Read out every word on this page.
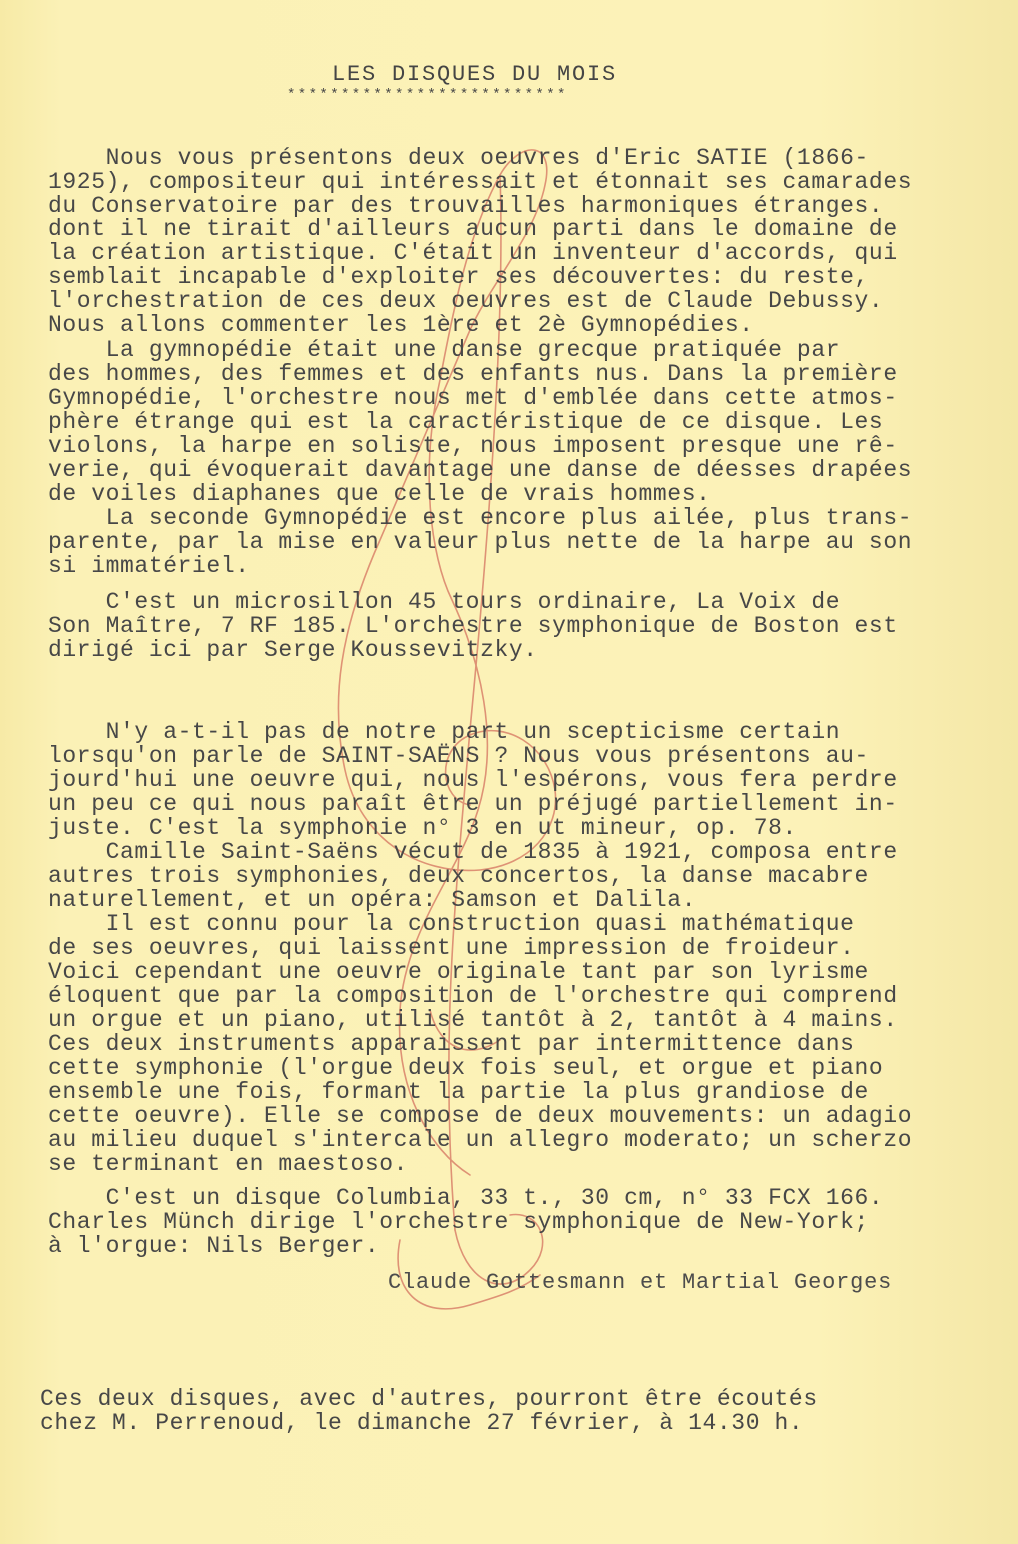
LES DISQUES DU MOIS
**************************
Nous vous présentons deux oeuvres d'Eric SATIE (1866-
1925), compositeur qui intéressait et étonnait ses camarades
du Conservatoire par des trouvailles harmoniques étranges.
dont il ne tirait d'ailleurs aucun parti dans le domaine de
la création artistique. C'était un inventeur d'accords, qui
semblait incapable d'exploiter ses découvertes: du reste,
l'orchestration de ces deux oeuvres est de Claude Debussy.
Nous allons commenter les 1ère et 2è Gymnopédies.
La gymnopédie était une danse grecque pratiquée par
des hommes, des femmes et des enfants nus. Dans la première
Gymnopédie, l'orchestre nous met d'emblée dans cette atmos-
phère étrange qui est la caractéristique de ce disque. Les
violons, la harpe en soliste, nous imposent presque une rê-
verie, qui évoquerait davantage une danse de déesses drapées
de voiles diaphanes que celle de vrais hommes.
La seconde Gymnopédie est encore plus ailée, plus trans-
parente, par la mise en valeur plus nette de la harpe au son
si immatériel.
C'est un microsillon 45 tours ordinaire, La Voix de
Son Maître, 7 RF 185. L'orchestre symphonique de Boston est
dirigé ici par Serge Koussevitzky.
N'y a-t-il pas de notre part un scepticisme certain
lorsqu'on parle de SAINT-SAËNS ? Nous vous présentons au-
jourd'hui une oeuvre qui, nous l'espérons, vous fera perdre
un peu ce qui nous paraît être un préjugé partiellement in-
juste. C'est la symphonie n° 3 en ut mineur, op. 78.
Camille Saint-Saëns vécut de 1835 à 1921, composa entre
autres trois symphonies, deux concertos, la danse macabre
naturellement, et un opéra: Samson et Dalila.
Il est connu pour la construction quasi mathématique
de ses oeuvres, qui laissent une impression de froideur.
Voici cependant une oeuvre originale tant par son lyrisme
éloquent que par la composition de l'orchestre qui comprend
un orgue et un piano, utilisé tantôt à 2, tantôt à 4 mains.
Ces deux instruments apparaissent par intermittence dans
cette symphonie (l'orgue deux fois seul, et orgue et piano
ensemble une fois, formant la partie la plus grandiose de
cette oeuvre). Elle se compose de deux mouvements: un adagio
au milieu duquel s'intercale un allegro moderato; un scherzo
se terminant en maestoso.
C'est un disque Columbia, 33 t., 30 cm, n° 33 FCX 166.
Charles Münch dirige l'orchestre symphonique de New-York;
à l'orgue: Nils Berger.
Claude Gottesmann et Martial Georges
Ces deux disques, avec d'autres, pourront être écoutés
chez M. Perrenoud, le dimanche 27 février, à 14.30 h.
